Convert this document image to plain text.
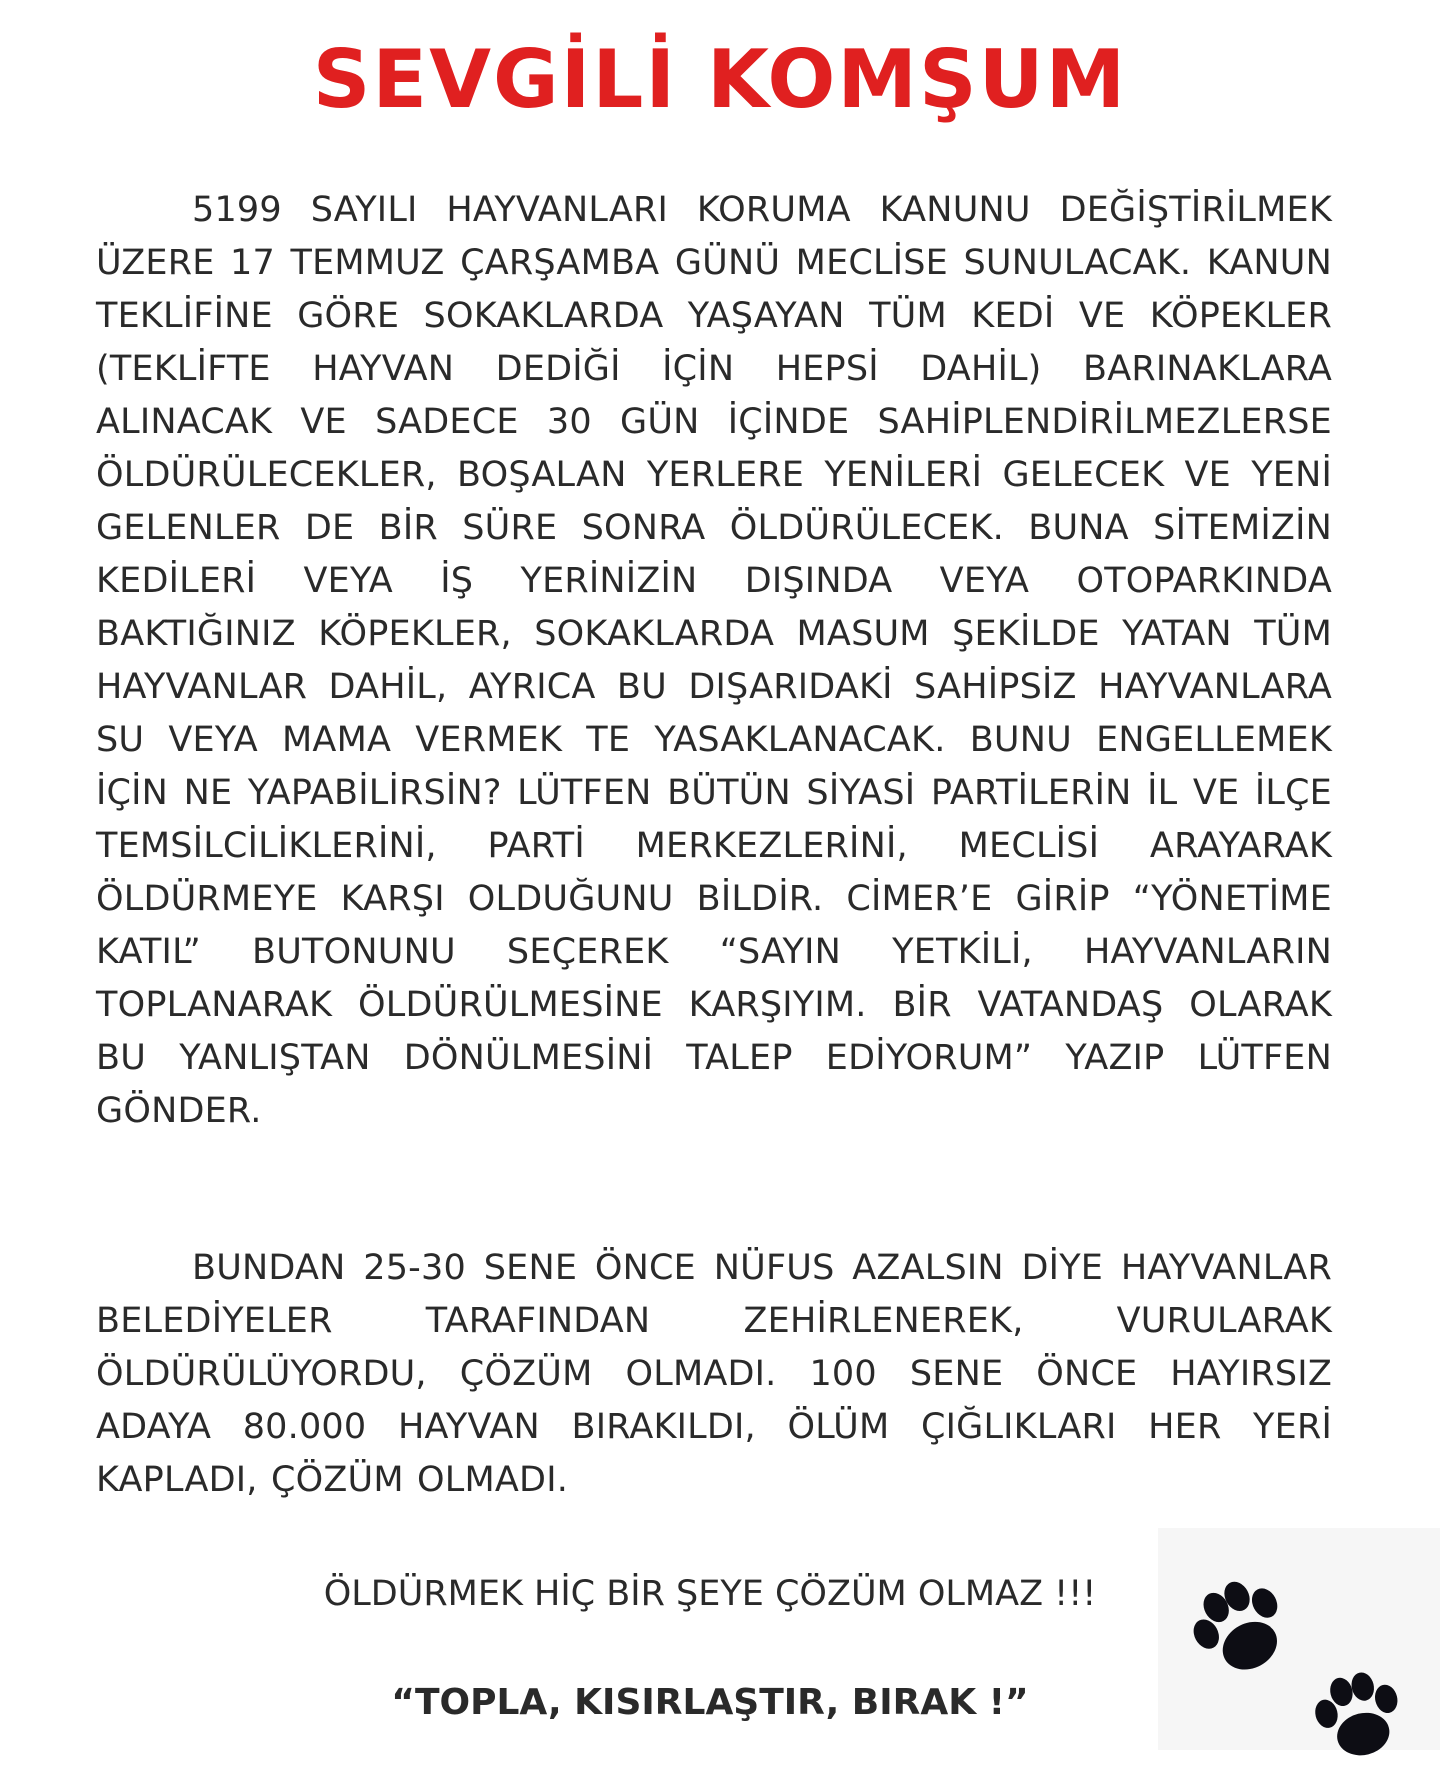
SEVGİLİ KOMŞUM

5199 SAYILI HAYVANLARI KORUMA KANUNU DEĞİŞTİRİLMEK ÜZERE 17 TEMMUZ ÇARŞAMBA GÜNÜ MECLİSE SUNULACAK. KANUN TEKLİFİNE GÖRE SOKAKLARDA YAŞAYAN TÜM KEDİ VE KÖPEKLER (TEKLİFTE HAYVAN DEDİĞİ İÇİN HEPSİ DAHİL) BARINAKLARA ALINACAK VE SADECE 30 GÜN İÇİNDE SAHİPLENDİRİLMEZLERSE ÖLDÜRÜLECEKLER, BOŞALAN YERLERE YENİLERİ GELECEK VE YENİ GELENLER DE BİR SÜRE SONRA ÖLDÜRÜLECEK. BUNA SİTEMİZİN KEDİLERİ VEYA İŞ YERİNİZİN DIŞINDA VEYA OTOPARKINDA BAKTIĞINIZ KÖPEKLER, SOKAKLARDA MASUM ŞEKİLDE YATAN TÜM HAYVANLAR DAHİL, AYRICA BU DIŞARIDAKİ SAHİPSİZ HAYVANLARA SU VEYA MAMA VERMEK TE YASAKLANACAK. BUNU ENGELLEMEK İÇİN NE YAPABİLİRSİN? LÜTFEN BÜTÜN SİYASİ PARTİLERİN İL VE İLÇE TEMSİLCİLİKLERİNİ, PARTİ MERKEZLERİNİ, MECLİSİ ARAYARAK ÖLDÜRMEYE KARŞI OLDUĞUNU BİLDİR. CİMER’E GİRİP “YÖNETİME KATIL” BUTONUNU SEÇEREK “SAYIN YETKİLİ, HAYVANLARIN TOPLANARAK ÖLDÜRÜLMESİNE KARŞIYIM. BİR VATANDAŞ OLARAK BU YANLIŞTAN DÖNÜLMESİNİ TALEP EDİYORUM” YAZIP LÜTFEN GÖNDER.

BUNDAN 25-30 SENE ÖNCE NÜFUS AZALSIN DİYE HAYVANLAR BELEDİYELER TARAFINDAN ZEHİRLENEREK, VURULARAK ÖLDÜRÜLÜYORDU, ÇÖZÜM OLMADI. 100 SENE ÖNCE HAYIRSIZ ADAYA 80.000 HAYVAN BIRAKILDI, ÖLÜM ÇIĞLIKLARI HER YERİ KAPLADI, ÇÖZÜM OLMADI.

ÖLDÜRMEK HİÇ BİR ŞEYE ÇÖZÜM OLMAZ !!!

“TOPLA, KISIRLAŞTIR, BIRAK !”
